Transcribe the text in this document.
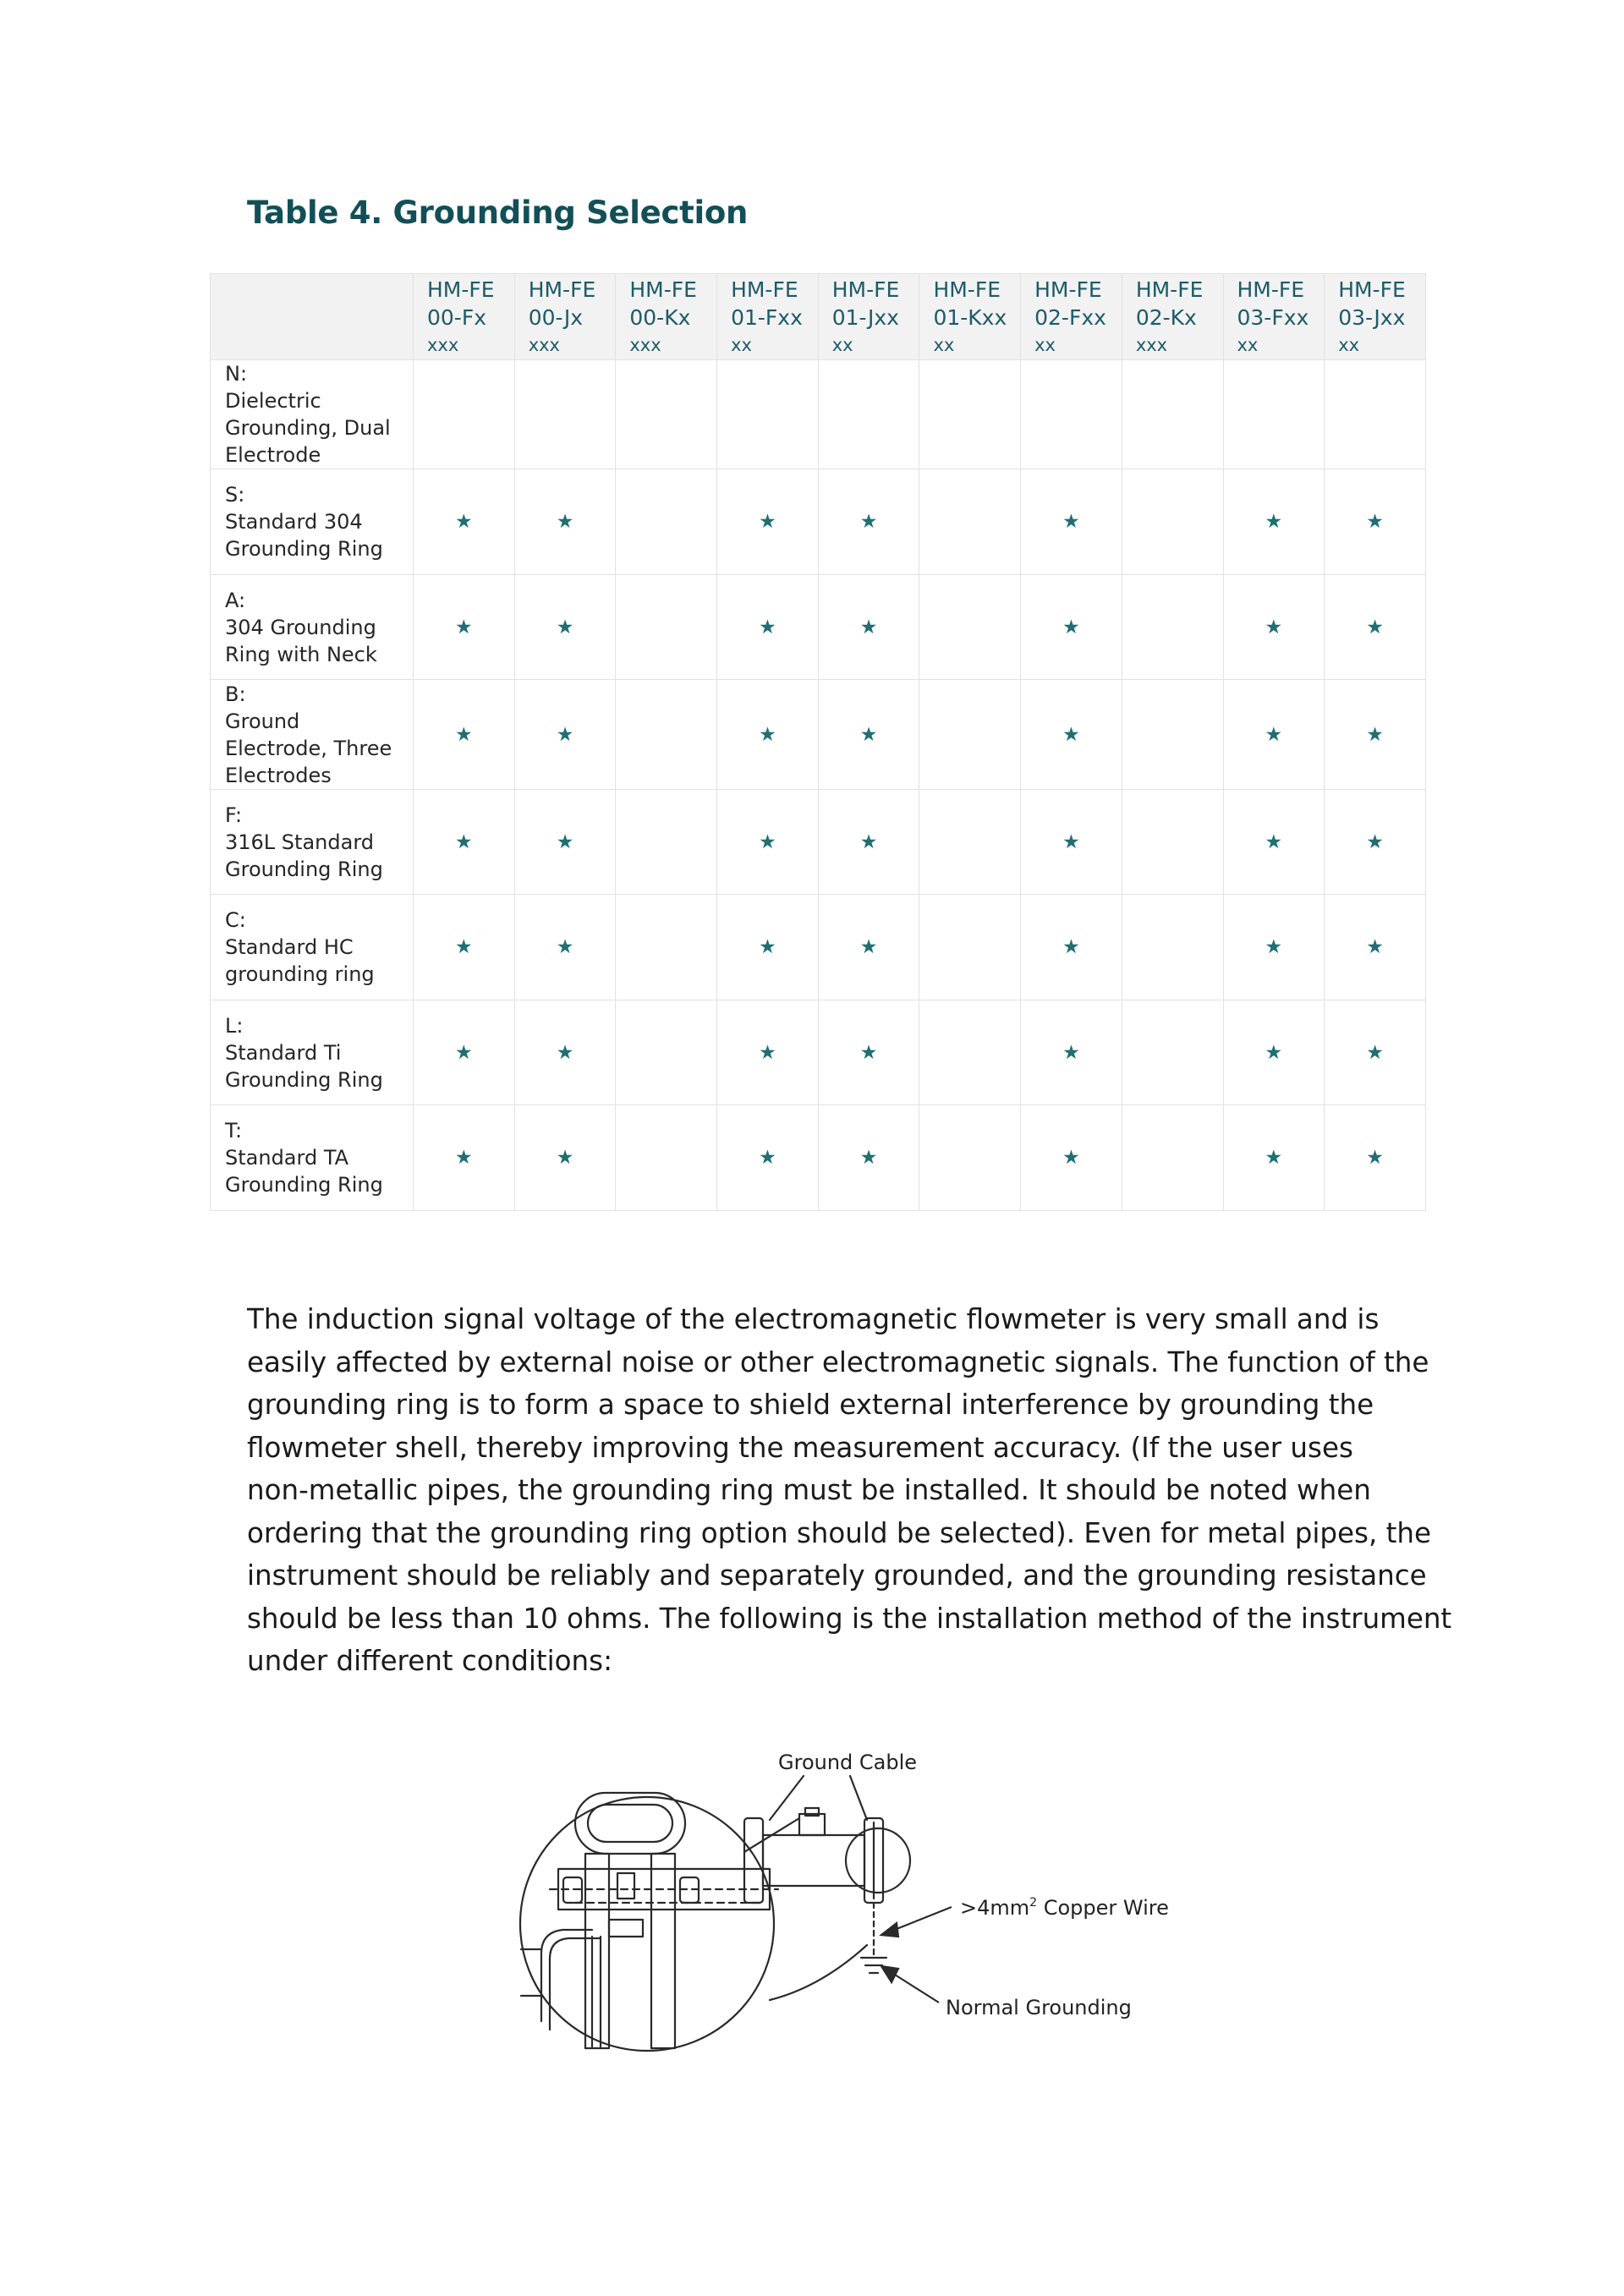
Table 4. Grounding Selection

	HM-FE
00-Fx
xxx	HM-FE
00-Jx
xxx	HM-FE
00-Kx
xxx	HM-FE
01-Fxx
xx	HM-FE
01-Jxx
xx	HM-FE
01-Kxx
xx	HM-FE
02-Fxx
xx	HM-FE
02-Kx
xxx	HM-FE
03-Fxx
xx	HM-FE
03-Jxx
xx

N:
Dielectric
Grounding, Dual
Electrode										

S:
Standard 304
Grounding Ring	★	★		★	★		★		★	★

A:
304 Grounding
Ring with Neck	★	★		★	★		★		★	★

B:
Ground
Electrode, Three
Electrodes	★	★		★	★		★		★	★

F:
316L Standard
Grounding Ring	★	★		★	★		★		★	★

C:
Standard HC
grounding ring	★	★		★	★		★		★	★

L:
Standard Ti
Grounding Ring	★	★		★	★		★		★	★

T:
Standard TA
Grounding Ring	★	★		★	★		★		★	★
The induction signal voltage of the electromagnetic flowmeter is very small and is
easily affected by external noise or other electromagnetic signals. The function of the
grounding ring is to form a space to shield external interference by grounding the
flowmeter shell, thereby improving the measurement accuracy. (If the user uses
non-metallic pipes, the grounding ring must be installed. It should be noted when
ordering that the grounding ring option should be selected). Even for metal pipes, the
instrument should be reliably and separately grounded, and the grounding resistance
should be less than 10 ohms. The following is the installation method of the instrument
under different conditions:
Ground Cable
$>4mm^2$ Copper Wire
Normal Grounding
